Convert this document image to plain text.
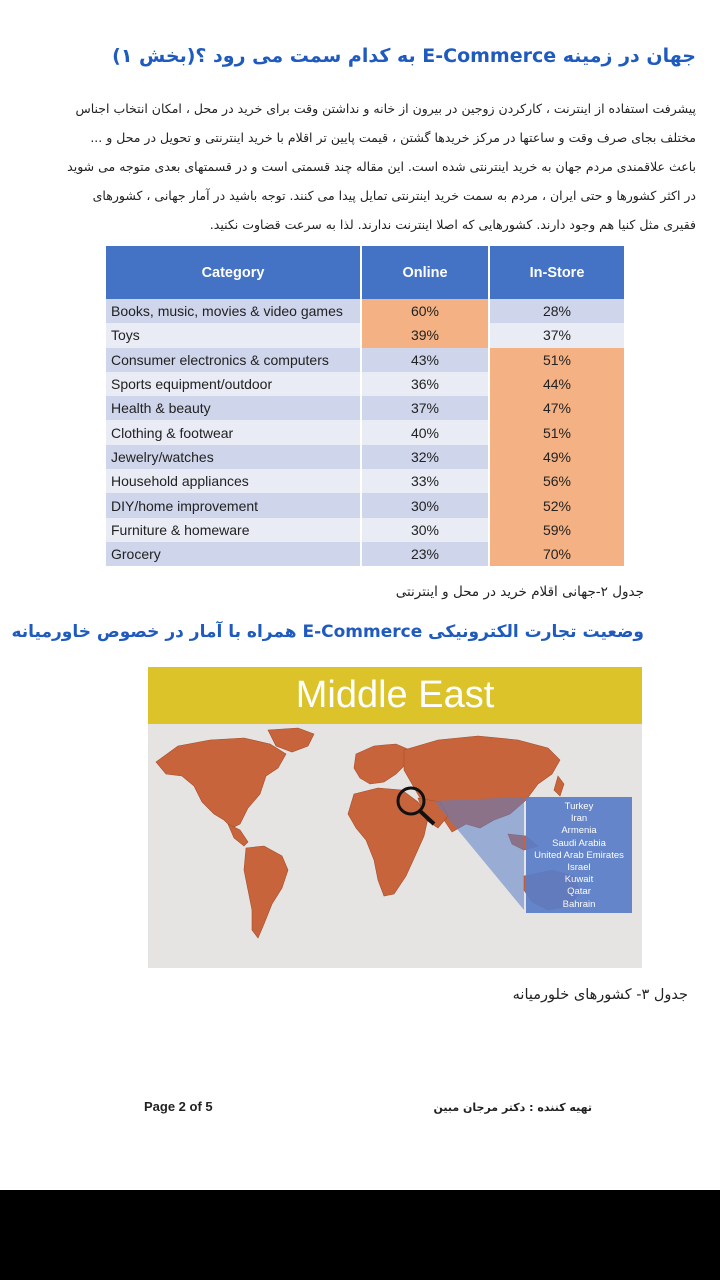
جهان در زمینه E-Commerce به کدام سمت می رود ؟(بخش ۱)
پیشرفت استفاده از اینترنت ، کارکردن زوجین در بیرون از خانه و نداشتن وقت برای خرید در محل ، امکان انتخاب اجناس
مختلف بجای صرف وقت و ساعتها در مرکز خریدها گشتن ، قیمت پایین تر اقلام با خرید اینترنتی و تحویل در محل و ...
باعث علاقمندی مردم جهان به خرید اینترنتی شده است. این مقاله چند قسمتی است و در قسمتهای بعدی متوجه می شوید
در اکثر کشورها و حتی ایران ، مردم به سمت خرید اینترنتی تمایل پیدا می کنند. توجه باشید در آمار جهانی ، کشورهای
فقیری مثل کنیا هم وجود دارند. کشورهایی که اصلا اینترنت ندارند. لذا به سرعت قضاوت نکنید.
Category	Online	In-Store
Books, music, movies & video games	60%	28%
Toys	39%	37%
Consumer electronics & computers	43%	51%
Sports equipment/outdoor	36%	44%
Health & beauty	37%	47%
Clothing & footwear	40%	51%
Jewelry/watches	32%	49%
Household appliances	33%	56%
DIY/home improvement	30%	52%
Furniture & homeware	30%	59%
Grocery	23%	70%
جدول ۲-جهانی اقلام خرید در محل و اینترنتی
وضعیت تجارت الکترونیکی E-Commerce همراه با آمار در خصوص خاورمیانه
Middle East
Turkey
Iran
Armenia
Saudi Arabia
United Arab Emirates
Israel
Kuwait
Qatar
Bahrain
جدول ۳- کشورهای خلورمیانه
Page 2 of 5	تهیه کننده : دکتر مرجان مبین
